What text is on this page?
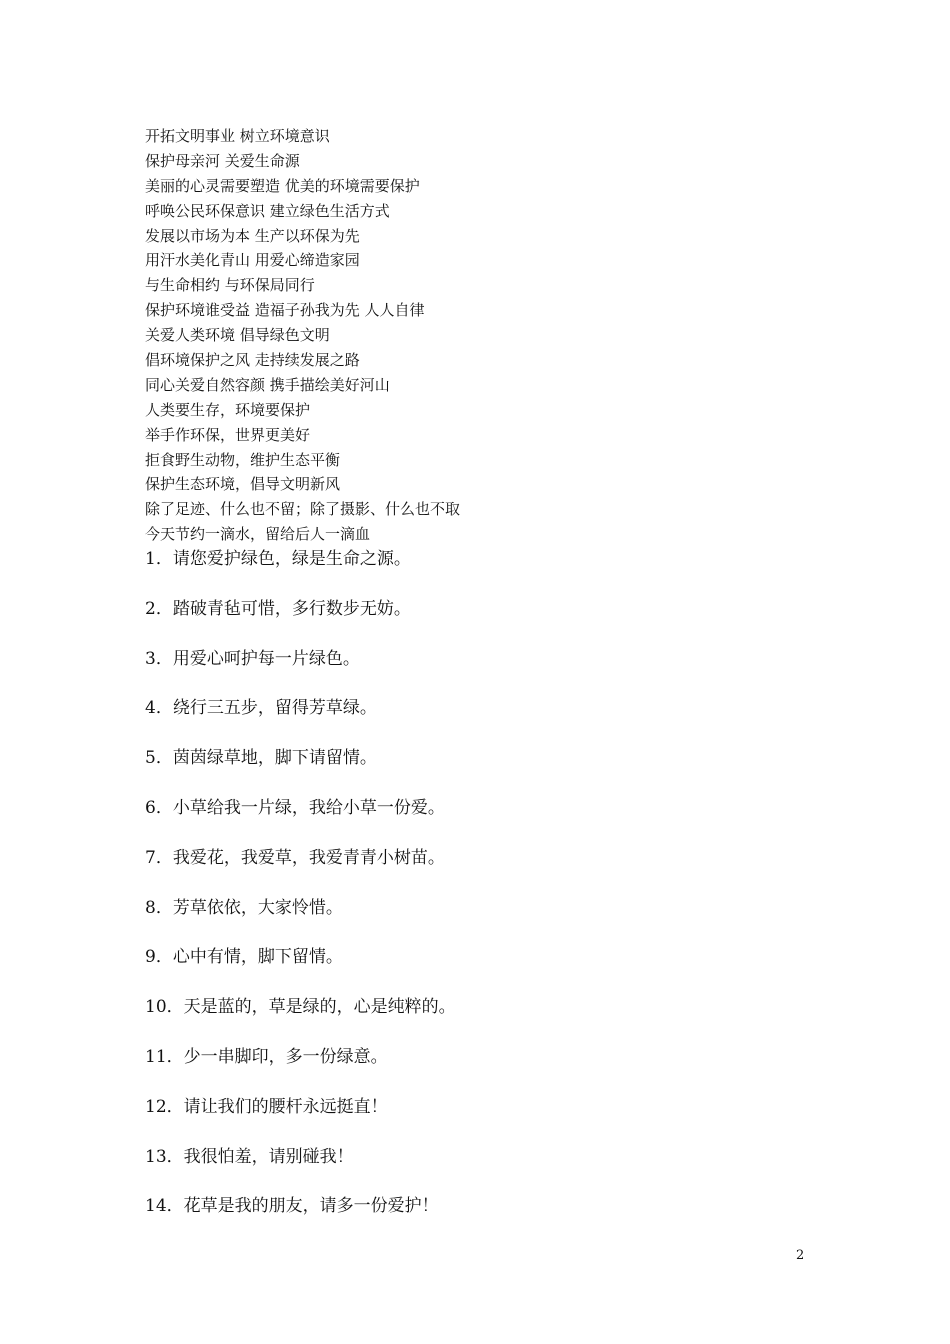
开拓文明事业 树立环境意识
保护母亲河 关爱生命源
美丽的心灵需要塑造 优美的环境需要保护
呼唤公民环保意识 建立绿色生活方式
发展以市场为本 生产以环保为先
用汗水美化青山 用爱心缔造家园
与生命相约 与环保局同行
保护环境谁受益 造福子孙我为先 人人自律
关爱人类环境 倡导绿色文明
倡环境保护之风 走持续发展之路
同心关爱自然容颜 携手描绘美好河山
人类要生存，环境要保护
举手作环保，世界更美好
拒食野生动物，维护生态平衡
保护生态环境，倡导文明新风
除了足迹、什么也不留；除了摄影、什么也不取
今天节约一滴水，留给后人一滴血
1．请您爱护绿色，绿是生命之源。
2．踏破青毡可惜，多行数步无妨。
3．用爱心呵护每一片绿色。
4．绕行三五步，留得芳草绿。
5．茵茵绿草地，脚下请留情。
6．小草给我一片绿，我给小草一份爱。
7．我爱花，我爱草，我爱青青小树苗。
8．芳草依依，大家怜惜。
9．心中有情，脚下留情。
10．天是蓝的，草是绿的，心是纯粹的。
11．少一串脚印，多一份绿意。
12．请让我们的腰杆永远挺直！
13．我很怕羞，请别碰我！
14．花草是我的朋友，请多一份爱护！
2
